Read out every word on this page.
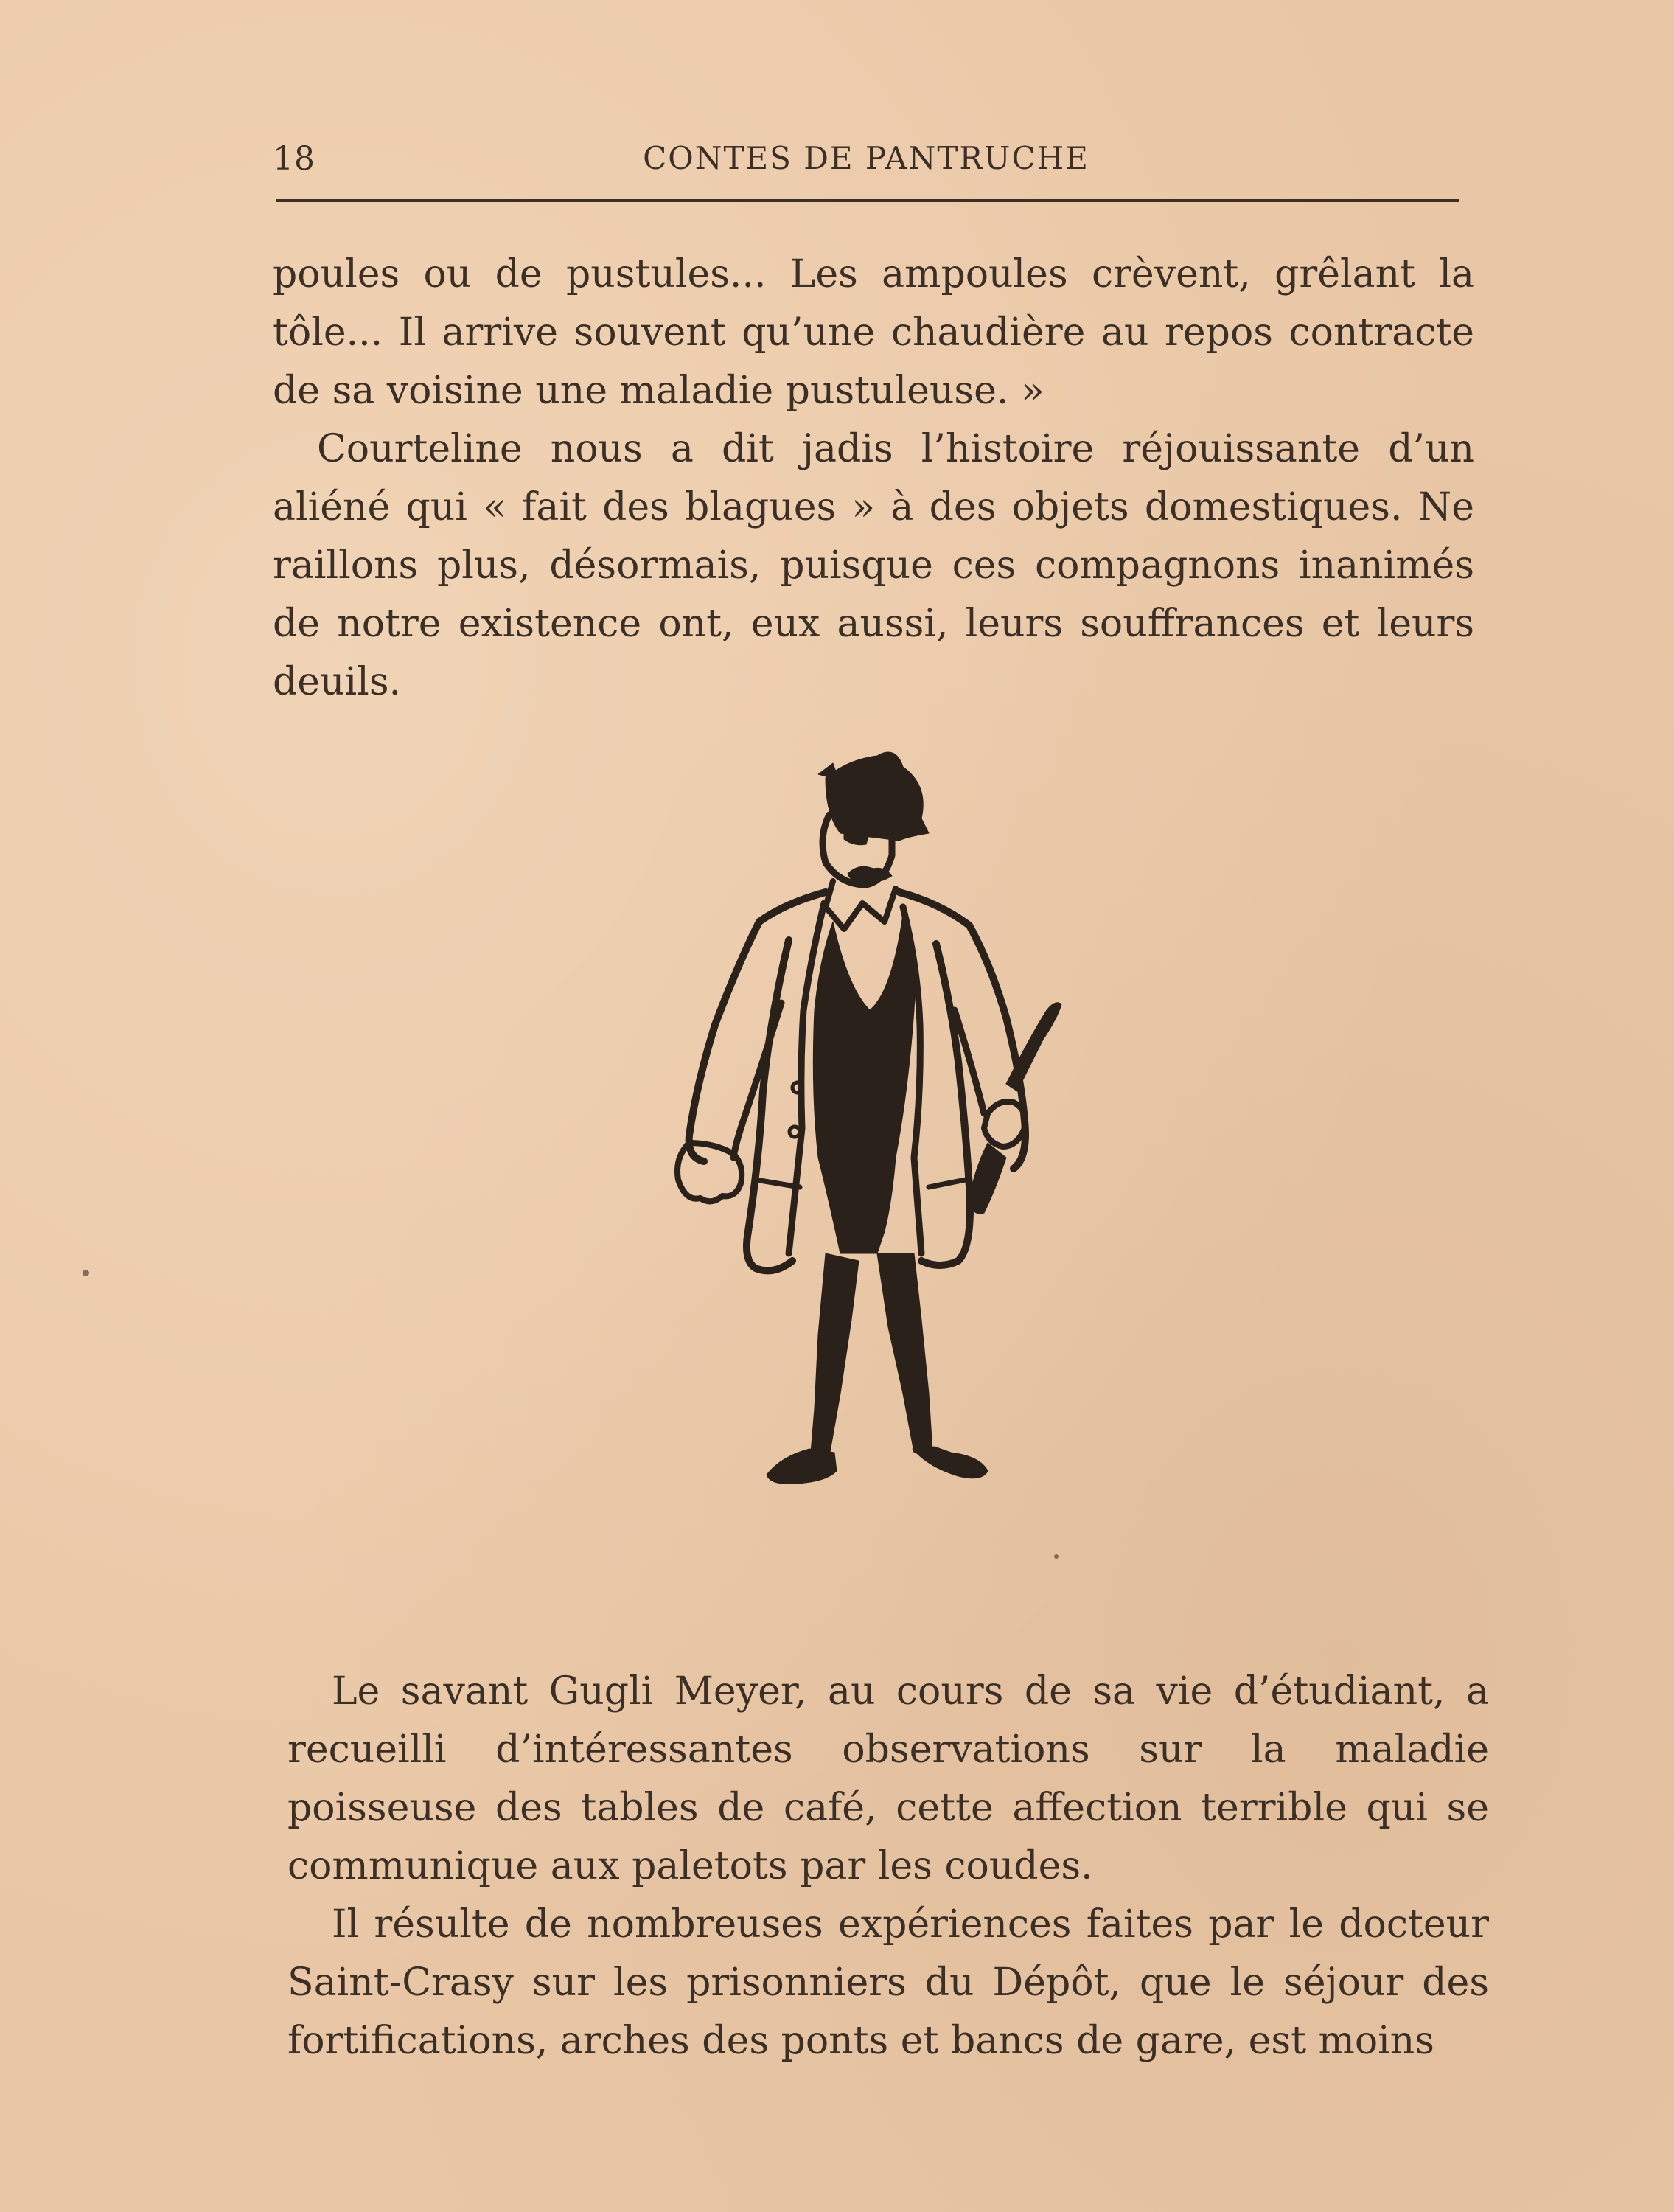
18	CONTES DE PANTRUCHE

poules ou de pustules... Les ampoules crèvent, grêlant la tôle... Il arrive souvent qu’une chaudière au repos contracte de sa voisine une maladie pustuleuse. »

Courteline nous a dit jadis l’histoire réjouissante d’un aliéné qui « fait des blagues » à des objets domestiques. Ne raillons plus, désormais, puisque ces compagnons inanimés de notre existence ont, eux aussi, leurs souffrances et leurs deuils.

Le savant Gugli Meyer, au cours de sa vie d’étudiant, a recueilli d’intéressantes observations sur la maladie poisseuse des tables de café, cette affection terrible qui se communique aux paletots par les coudes.

Il résulte de nombreuses expériences faites par le docteur Saint-Crasy sur les prisonniers du Dépôt, que le séjour des fortifications, arches des ponts et bancs de gare, est moins
